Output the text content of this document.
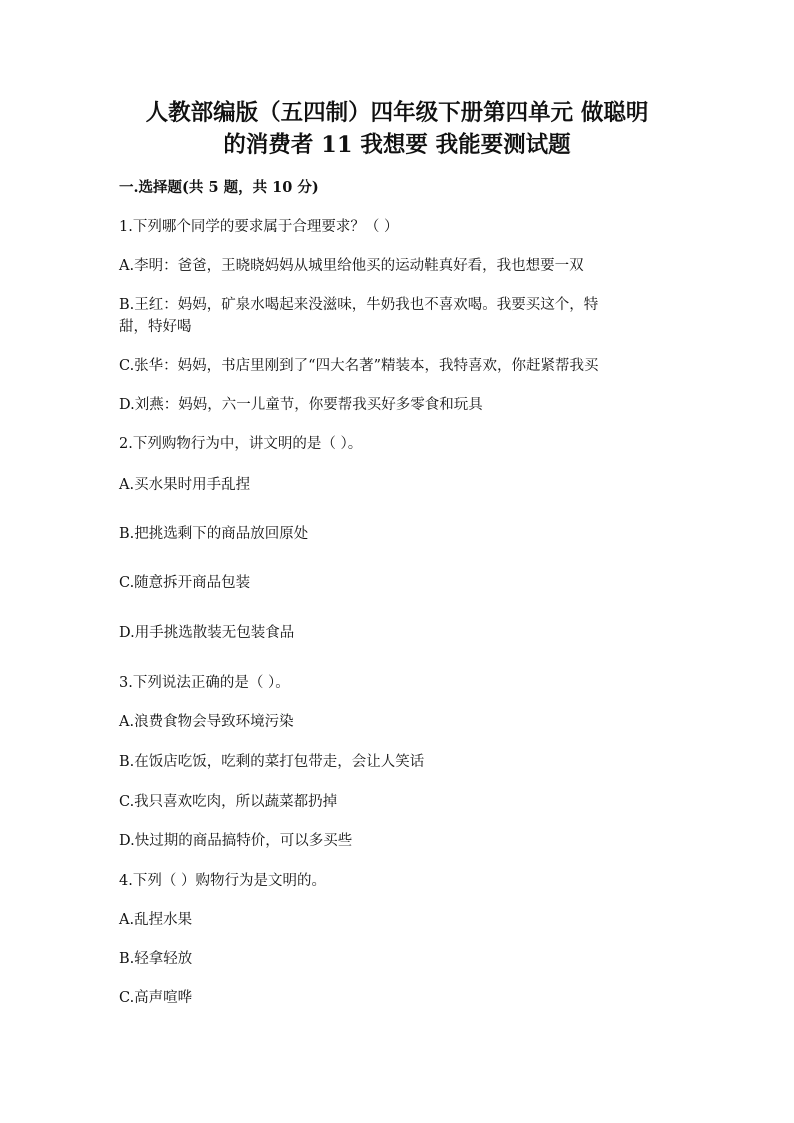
人教部编版（五四制）四年级下册第四单元 做聪明
的消费者 11 我想要 我能要测试题
一.选择题(共 5 题，共 10 分)
1.下列哪个同学的要求属于合理要求？（ ）
A.李明：爸爸，王晓晓妈妈从城里给他买的运动鞋真好看，我也想要一双
B.王红：妈妈，矿泉水喝起来没滋味，牛奶我也不喜欢喝。我要买这个，特
甜，特好喝
C.张华：妈妈，书店里刚到了“四大名著”精装本，我特喜欢，你赶紧帮我买
D.刘燕：妈妈，六一儿童节，你要帮我买好多零食和玩具
2.下列购物行为中，讲文明的是（ ）。
A.买水果时用手乱捏
B.把挑选剩下的商品放回原处
C.随意拆开商品包装
D.用手挑选散装无包装食品
3.下列说法正确的是（ ）。
A.浪费食物会导致环境污染
B.在饭店吃饭，吃剩的菜打包带走，会让人笑话
C.我只喜欢吃肉，所以蔬菜都扔掉
D.快过期的商品搞特价，可以多买些
4.下列（ ）购物行为是文明的。
A.乱捏水果
B.轻拿轻放
C.高声喧哗
